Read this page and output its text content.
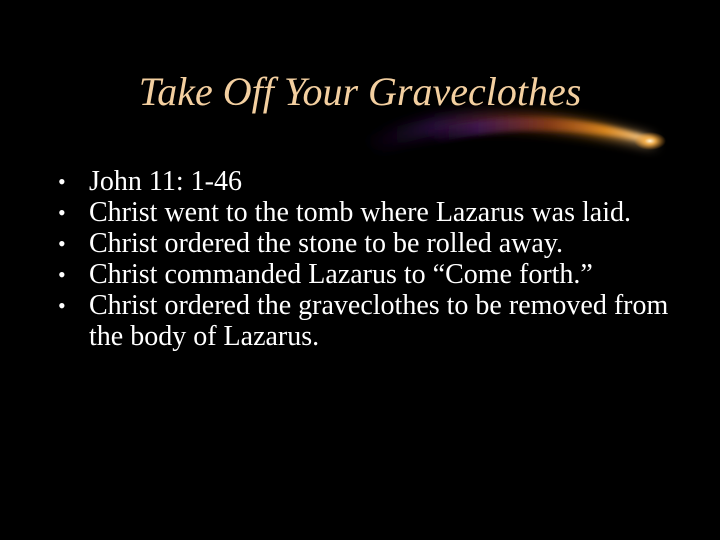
Take Off Your Graveclothes
• John 11: 1-46
• Christ went to the tomb where Lazarus was laid.
• Christ ordered the stone to be rolled away.
• Christ commanded Lazarus to “Come forth.”
• Christ ordered the graveclothes to be removed from the body of Lazarus.
